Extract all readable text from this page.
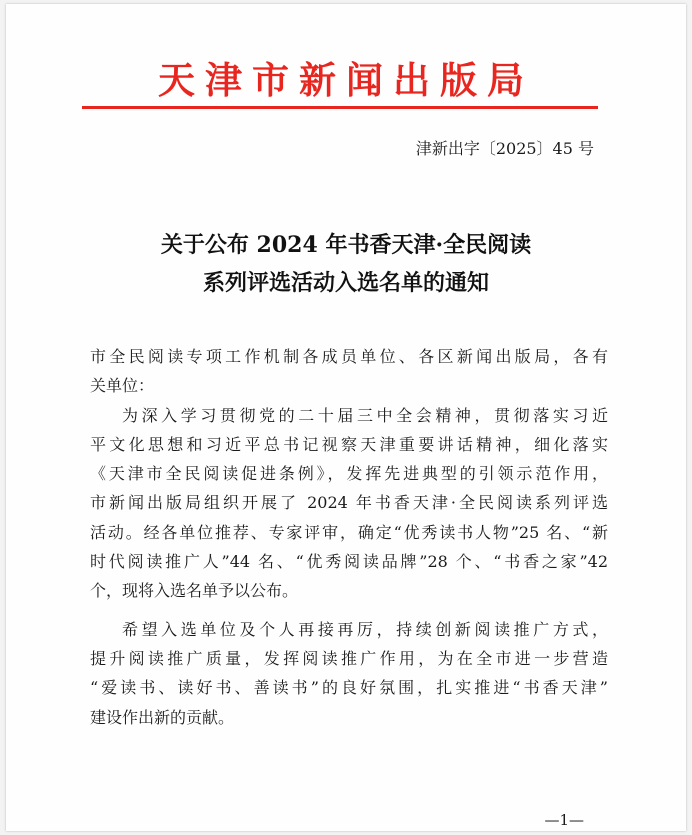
天津市新闻出版局
津新出字〔2025〕45 号
关于公布 2024 年书香天津·全民阅读
系列评选活动入选名单的通知
市全民阅读专项工作机制各成员单位、各区新闻出版局，各有
关单位：
为深入学习贯彻党的二十届三中全会精神，贯彻落实习近
平文化思想和习近平总书记视察天津重要讲话精神，细化落实
《天津市全民阅读促进条例》，发挥先进典型的引领示范作用，
市新闻出版局组织开展了 2024 年书香天津·全民阅读系列评选
活动。经各单位推荐、专家评审，确定“优秀读书人物”25 名、“新
时代阅读推广人”44 名、“优秀阅读品牌”28 个、“书香之家”42
个，现将入选名单予以公布。
希望入选单位及个人再接再厉，持续创新阅读推广方式，
提升阅读推广质量，发挥阅读推广作用，为在全市进一步营造
“爱读书、读好书、善读书”的良好氛围，扎实推进“书香天津”
建设作出新的贡献。
—1—
